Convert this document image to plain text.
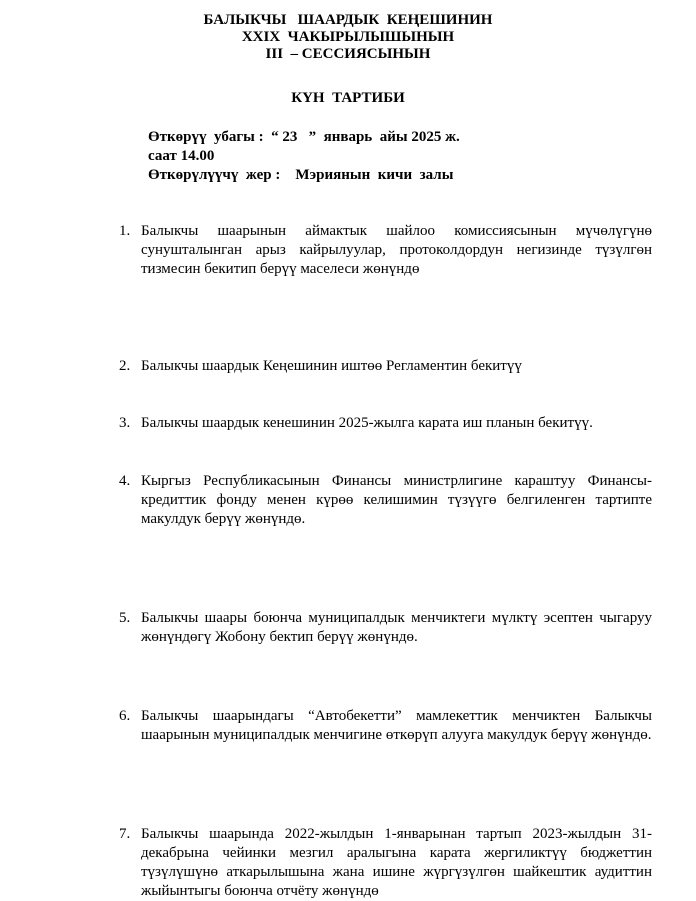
БАЛЫКЧЫ   ШААРДЫК  КЕҢЕШИНИН
XXIX  ЧАКЫРЫЛЫШЫНЫН
III  – СЕССИЯСЫНЫН
КҮН  ТАРТИБИ
Өткөрүү  убагы :  “ 23   ”  январь  айы 2025 ж.
саат 14.00
Өткөрүлүүчү  жер :    Мэриянын  кичи  залы
1. Балыкчы шаарынын аймактык шайлоо комиссиясынын мүчөлүгүнө сунушталынган арыз кайрылуулар, протоколдордун негизинде түзүлгөн тизмесин бекитип берүү маселеси жөнүндө
2. Балыкчы шаардык Кеңешинин иштөө Регламентин бекитүү
3. Балыкчы шаардык кенешинин 2025-жылга карата иш планын бекитүү.
4. Кыргыз Республикасынын Финансы министрлигине караштуу Финансы-кредиттик фонду менен күрөө келишимин түзүүгө белгиленген тартипте макулдук берүү жөнүндө.
5. Балыкчы шаары боюнча муниципалдык менчиктеги мүлктү эсептен чыгаруу жөнүндөгү Жобону бектип берүү жөнүндө.
6. Балыкчы шаарындагы “Автобекетти” мамлекеттик менчиктен Балыкчы шаарынын муниципалдык менчигине өткөрүп алууга макулдук берүү жөнүндө.
7. Балыкчы шаарында 2022-жылдын 1-январынан тартып 2023-жылдын 31-декабрына чейинки мезгил аралыгына карата жергиликтүү бюджеттин түзүлүшүнө аткарылышына жана ишине жүргүзүлгөн шайкештик аудиттин жыйынтыгы боюнча отчёту жөнүндө
